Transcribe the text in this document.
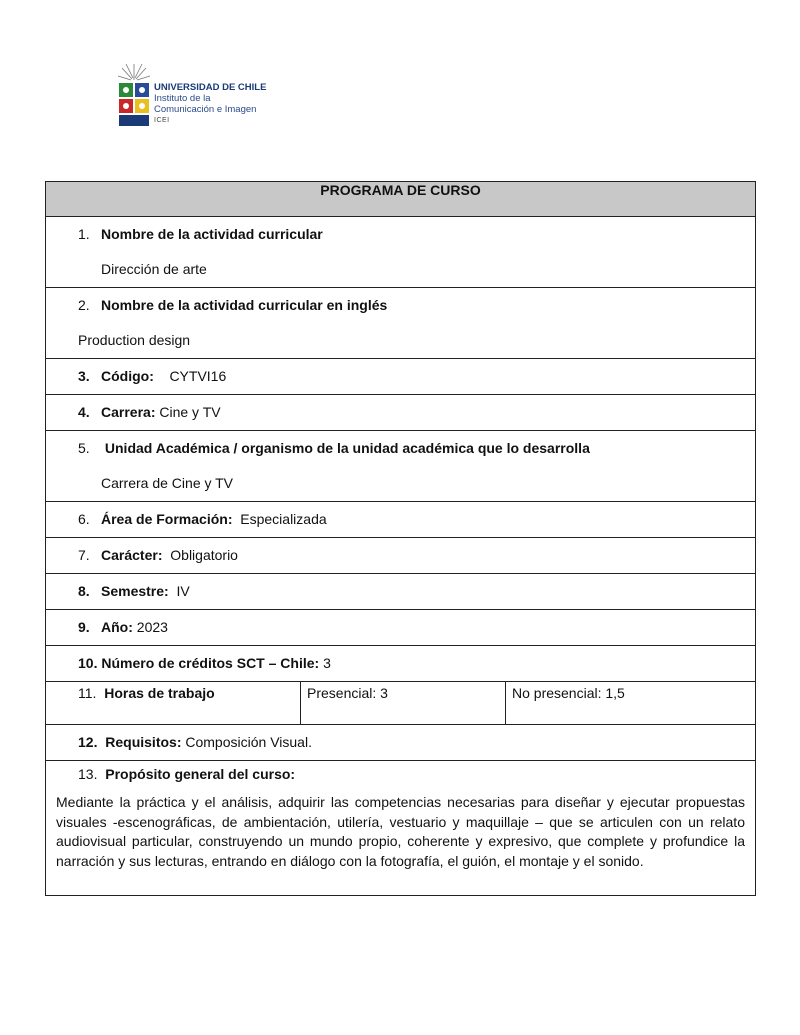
UNIVERSIDAD DE CHILE
Instituto de la
Comunicación e Imagen
ICEI
PROGRAMA DE CURSO

1. Nombre de la actividad curricular
Dirección de arte

2. Nombre de la actividad curricular en inglés
Production design

3. Código: CYTVI16

4. Carrera: Cine y TV

5. Unidad Académica / organismo de la unidad académica que lo desarrolla
Carrera de Cine y TV

6. Área de Formación: Especializada

7. Carácter: Obligatorio

8. Semestre: IV

9. Año: 2023

10. Número de créditos SCT – Chile: 3

11. Horas de trabajo	Presencial: 3	No presencial: 1,5

12. Requisitos: Composición Visual.

13. Propósito general del curso:
Mediante la práctica y el análisis, adquirir las competencias necesarias para diseñar y ejecutar propuestas visuales -escenográficas, de ambientación, utilería, vestuario y maquillaje – que se articulen con un relato audiovisual particular, construyendo un mundo propio, coherente y expresivo, que complete y profundice la narración y sus lecturas, entrando en diálogo con la fotografía, el guión, el montaje y el sonido.
